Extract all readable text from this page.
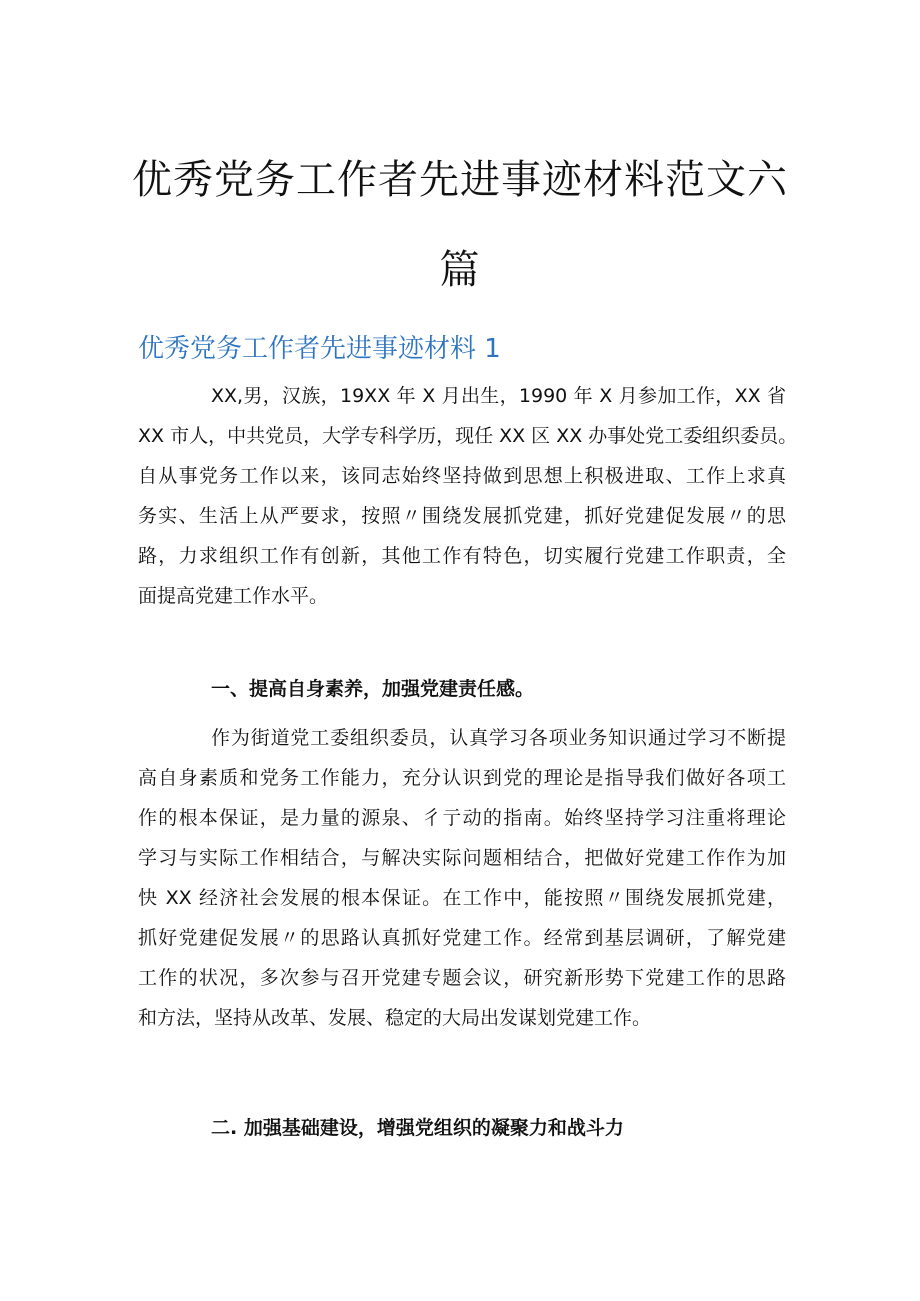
优秀党务工作者先进事迹材料范文六
篇
优秀党务工作者先进事迹材料 1
XX,男，汉族，19XX 年 X 月出生，1990 年 X 月参加工作，XX 省
XX 市人，中共党员，大学专科学历，现任 XX 区 XX 办事处党工委组织委员。
自从事党务工作以来，该同志始终坚持做到思想上积极进取、工作上求真
务实、生活上从严要求，按照〃围绕发展抓党建，抓好党建促发展〃的思
路，力求组织工作有创新，其他工作有特色，切实履行党建工作职责，全
面提高党建工作水平。
一、提高自身素养，加强党建责任感。
作为街道党工委组织委员，认真学习各项业务知识通过学习不断提
高自身素质和党务工作能力，充分认识到党的理论是指导我们做好各项工
作的根本保证，是力量的源泉、彳亍动的指南。始终坚持学习注重将理论
学习与实际工作相结合，与解决实际问题相结合，把做好党建工作作为加
快 XX 经济社会发展的根本保证。在工作中，能按照〃围绕发展抓党建，
抓好党建促发展〃的思路认真抓好党建工作。经常到基层调研，了解党建
工作的状况，多次参与召开党建专题会议，研究新形势下党建工作的思路
和方法，坚持从改革、发展、稳定的大局出发谋划党建工作。
二. 加强基础建设，增强党组织的凝聚力和战斗力
